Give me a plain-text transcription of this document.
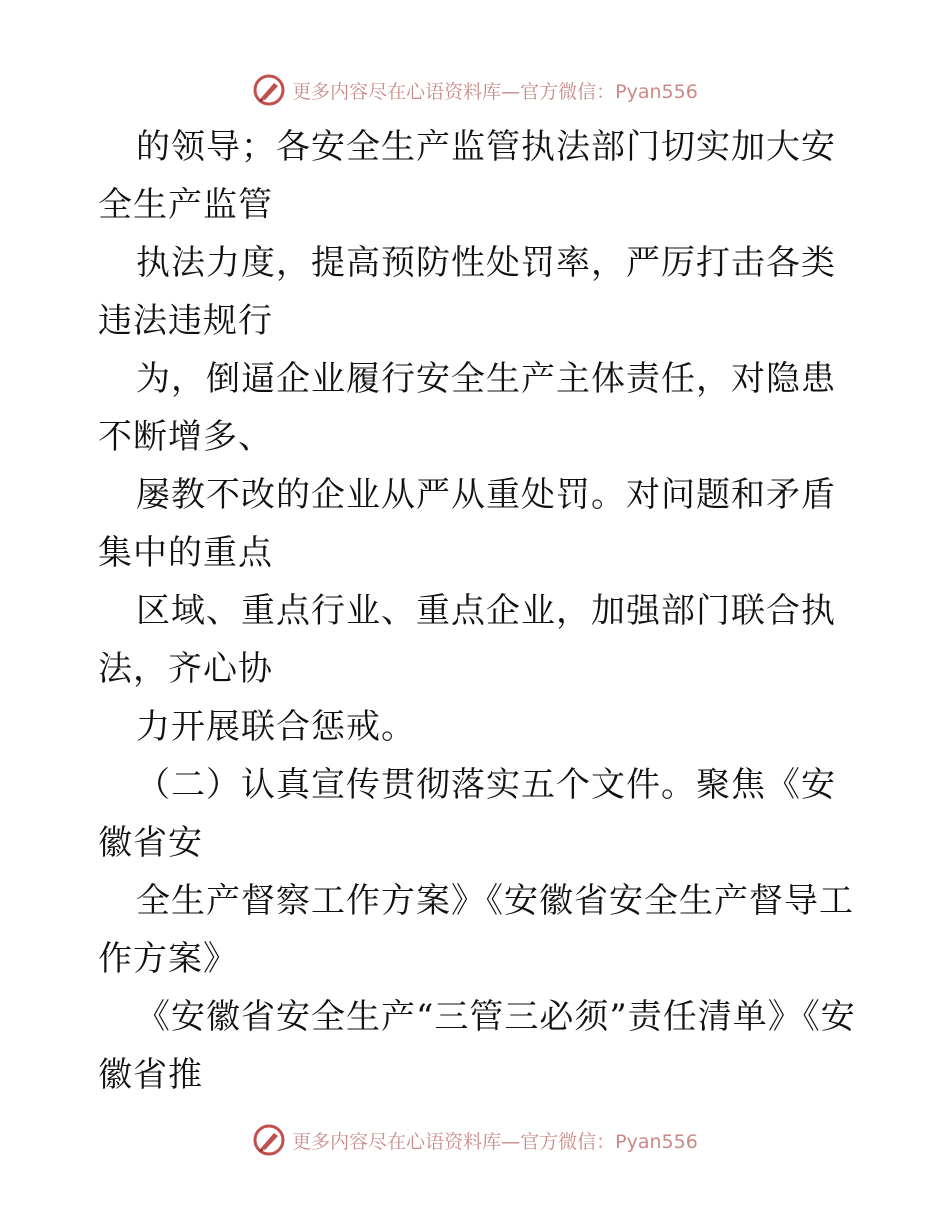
更多内容尽在心语资料库—官方微信：Pyan556

的领导；各安全生产监管执法部门切实加大安全生产监管

执法力度，提高预防性处罚率，严厉打击各类违法违规行

为，倒逼企业履行安全生产主体责任，对隐患不断增多、

屡教不改的企业从严从重处罚。对问题和矛盾集中的重点

区域、重点行业、重点企业，加强部门联合执法，齐心协

力开展联合惩戒。

（二）认真宣传贯彻落实五个文件。聚焦《安徽省安

全生产督察工作方案》《安徽省安全生产督导工作方案》

《安徽省安全生产“三管三必须”责任清单》《安徽省推

更多内容尽在心语资料库—官方微信：Pyan556
